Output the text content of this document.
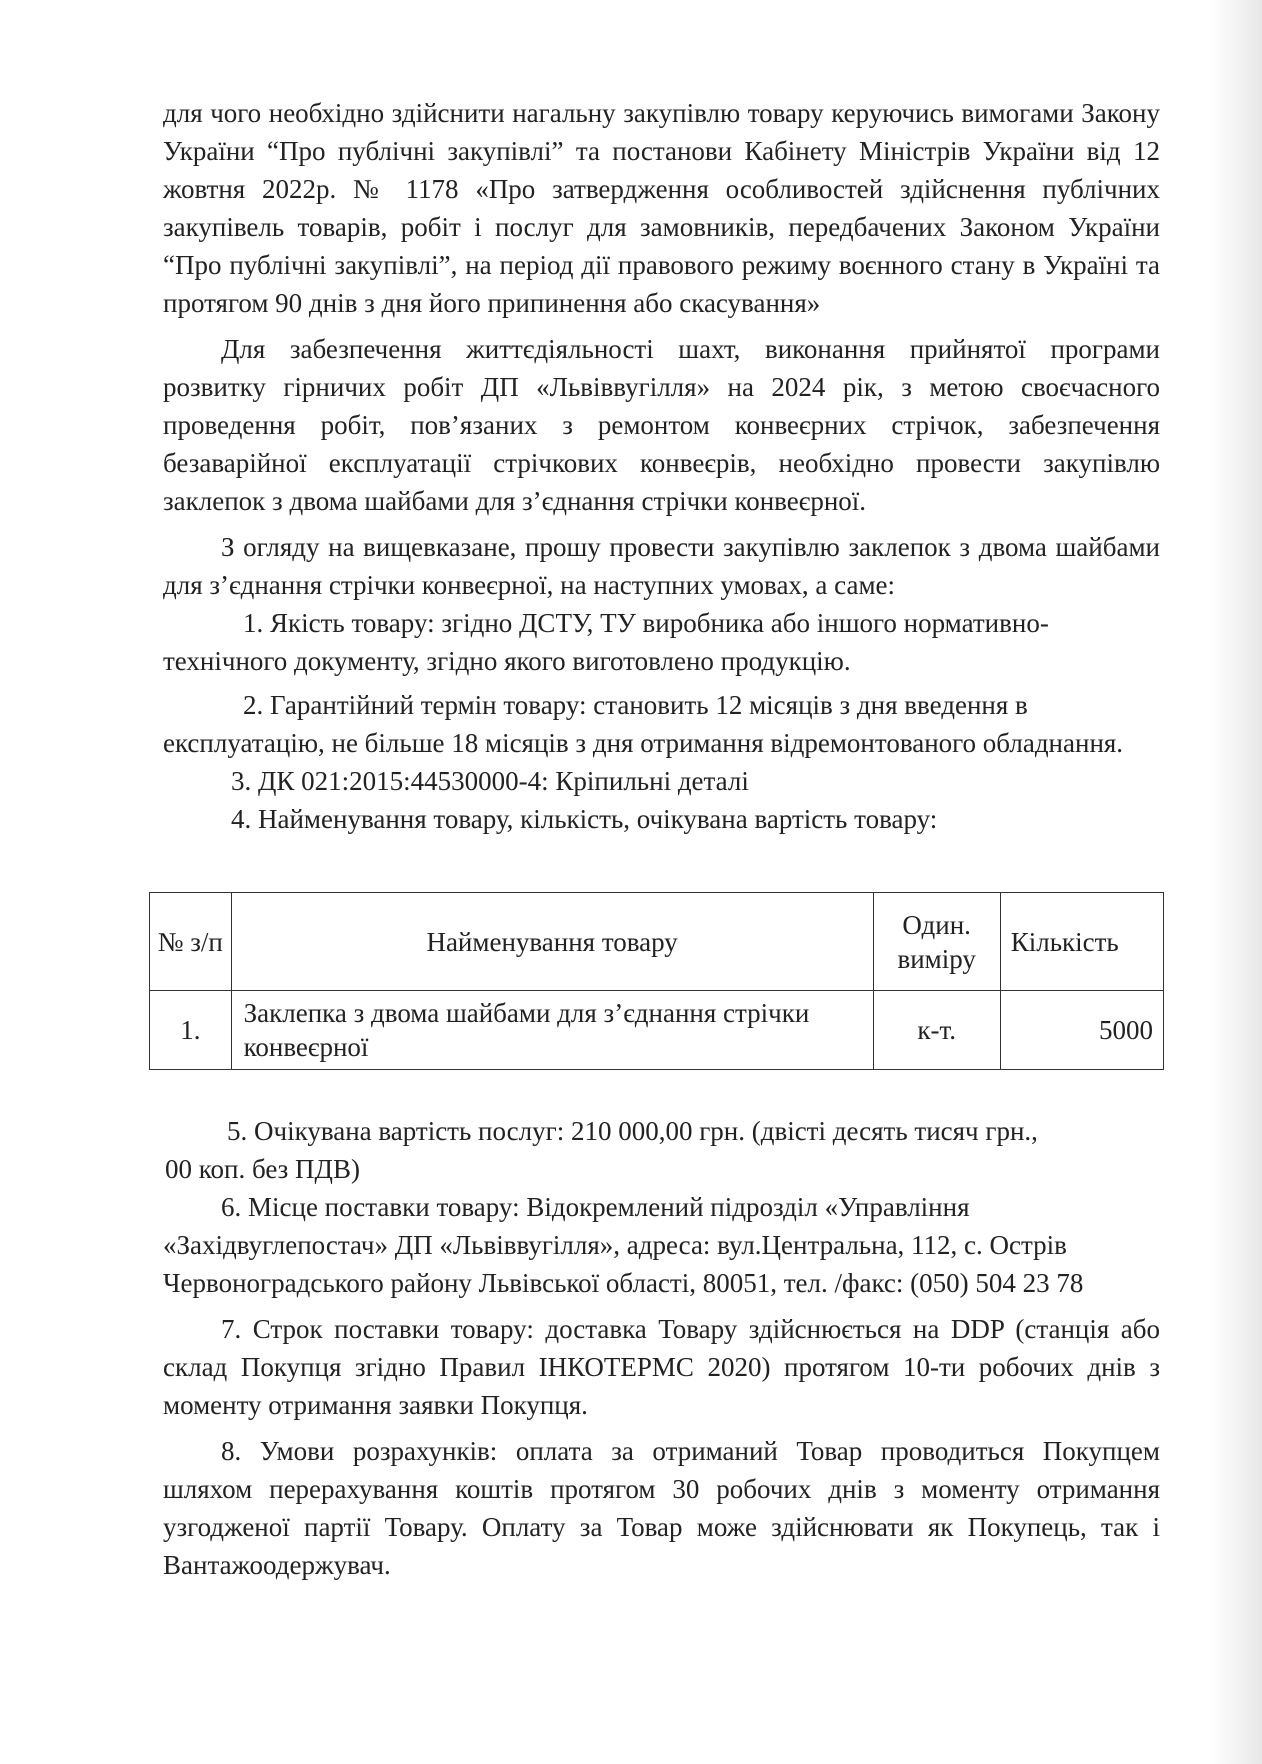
для чого необхідно здійснити нагальну закупівлю товару керуючись вимогами Закону України “Про публічні закупівлі” та постанови Кабінету Міністрів України від 12 жовтня 2022р. № 1178 «Про затвердження особливостей здійснення публічних закупівель товарів, робіт і послуг для замовників, передбачених Законом України “Про публічні закупівлі”, на період дії правового режиму воєнного стану в Україні та протягом 90 днів з дня його припинення або скасування»

Для забезпечення життєдіяльності шахт, виконання прийнятої програми розвитку гірничих робіт ДП «Львіввугілля» на 2024 рік, з метою своєчасного проведення робіт, пов’язаних з ремонтом конвеєрних стрічок, забезпечення безаварійної експлуатації стрічкових конвеєрів, необхідно провести закупівлю заклепок з двома шайбами для з’єднання стрічки конвеєрної.

З огляду на вищевказане, прошу провести закупівлю заклепок з двома шайбами для з’єднання стрічки конвеєрної, на наступних умовах, а саме:

1. Якість товару: згідно ДСТУ, ТУ виробника або іншого нормативно-технічного документу, згідно якого виготовлено продукцію.

2. Гарантійний термін товару: становить 12 місяців з дня введення в експлуатацію, не більше 18 місяців з дня отримання відремонтованого обладнання.

3. ДК 021:2015:44530000-4: Кріпильні деталі

4. Найменування товару, кількість, очікувана вартість товару:

№ з/п	Найменування товару	Один. виміру	Кількість
1.	Заклепка з двома шайбами для з’єднання стрічки конвеєрної	к-т.	5000

5. Очікувана вартість послуг: 210 000,00 грн. (двісті десять тисяч грн.,

00 коп. без ПДВ)

6. Місце поставки товару: Відокремлений підрозділ «Управління «Західвуглепостач» ДП «Львіввугілля», адреса: вул.Центральна, 112, с. Острів Червоноградського району Львівської області, 80051, тел. /факс: (050) 504 23 78

7. Строк поставки товару: доставка Товару здійснюється на DDP (станція або склад Покупця згідно Правил ІНКОТЕРМС 2020) протягом 10-ти робочих днів з моменту отримання заявки Покупця.

8. Умови розрахунків: оплата за отриманий Товар проводиться Покупцем шляхом перерахування коштів протягом 30 робочих днів з моменту отримання узгодженої партії Товару. Оплату за Товар може здійснювати як Покупець, так і Вантажоодержувач.
